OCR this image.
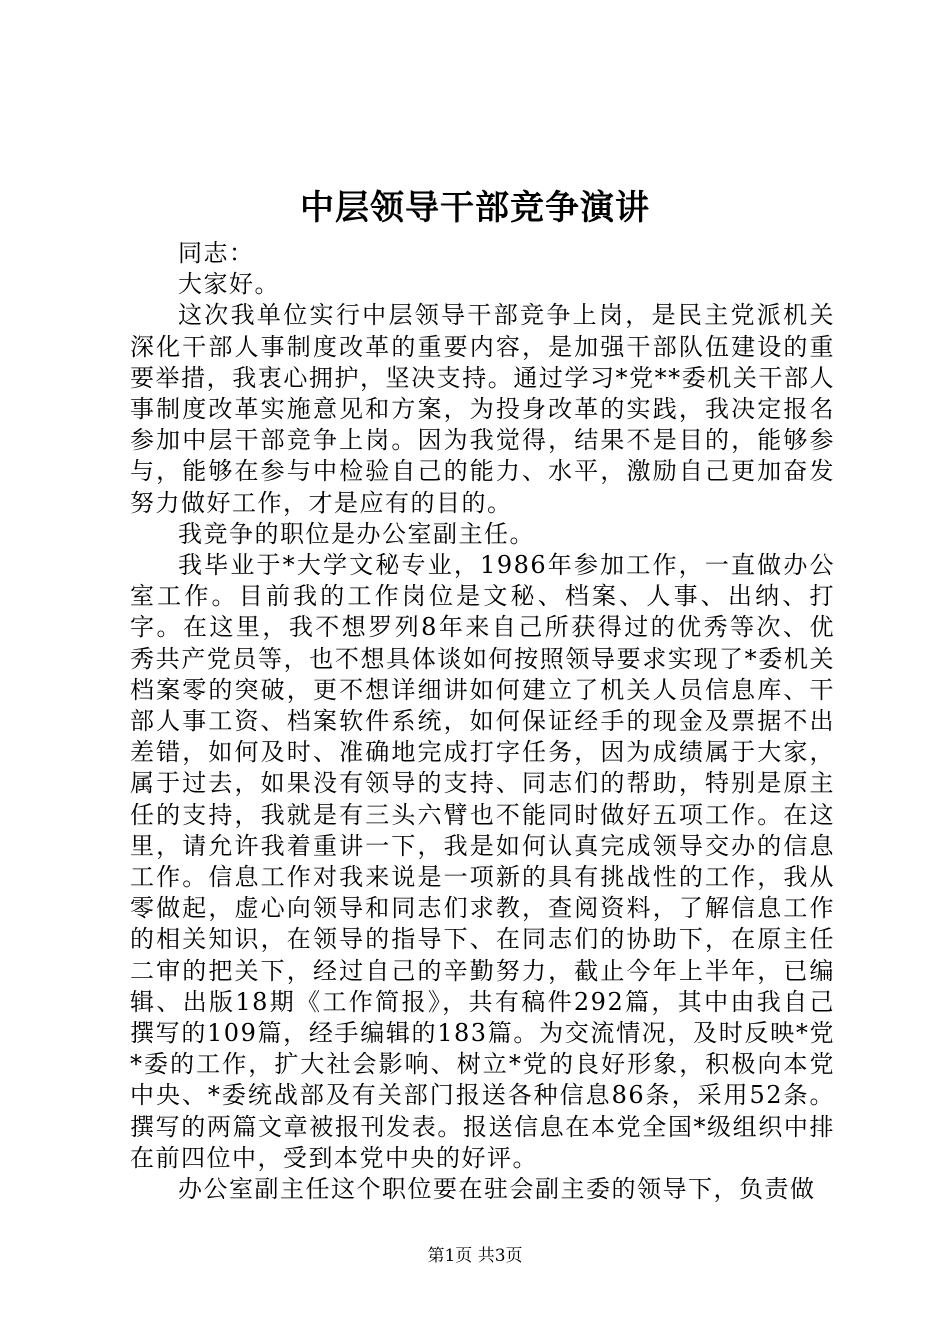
中层领导干部竞争演讲

同志：

大家好。

这次我单位实行中层领导干部竞争上岗，是民主党派机关深化干部人事制度改革的重要内容，是加强干部队伍建设的重要举措，我衷心拥护，坚决支持。通过学习*党**委机关干部人事制度改革实施意见和方案，为投身改革的实践，我决定报名参加中层干部竞争上岗。因为我觉得，结果不是目的，能够参与，能够在参与中检验自己的能力、水平，激励自己更加奋发努力做好工作，才是应有的目的。

我竞争的职位是办公室副主任。

我毕业于*大学文秘专业，1986年参加工作，一直做办公室工作。目前我的工作岗位是文秘、档案、人事、出纳、打字。在这里，我不想罗列8年来自己所获得过的优秀等次、优秀共产党员等，也不想具体谈如何按照领导要求实现了*委机关档案零的突破，更不想详细讲如何建立了机关人员信息库、干部人事工资、档案软件系统，如何保证经手的现金及票据不出差错，如何及时、准确地完成打字任务，因为成绩属于大家，属于过去，如果没有领导的支持、同志们的帮助，特别是原主任的支持，我就是有三头六臂也不能同时做好五项工作。在这里，请允许我着重讲一下，我是如何认真完成领导交办的信息工作。信息工作对我来说是一项新的具有挑战性的工作，我从零做起，虚心向领导和同志们求教，查阅资料，了解信息工作的相关知识，在领导的指导下、在同志们的协助下，在原主任二审的把关下，经过自己的辛勤努力，截止今年上半年，已编辑、出版18期《工作简报》，共有稿件292篇，其中由我自己撰写的109篇，经手编辑的183篇。为交流情况，及时反映*党*委的工作，扩大社会影响、树立*党的良好形象，积极向本党中央、*委统战部及有关部门报送各种信息86条，采用52条。撰写的两篇文章被报刊发表。报送信息在本党全国*级组织中排在前四位中，受到本党中央的好评。

办公室副主任这个职位要在驻会副主委的领导下，负责做

第1页 共3页
